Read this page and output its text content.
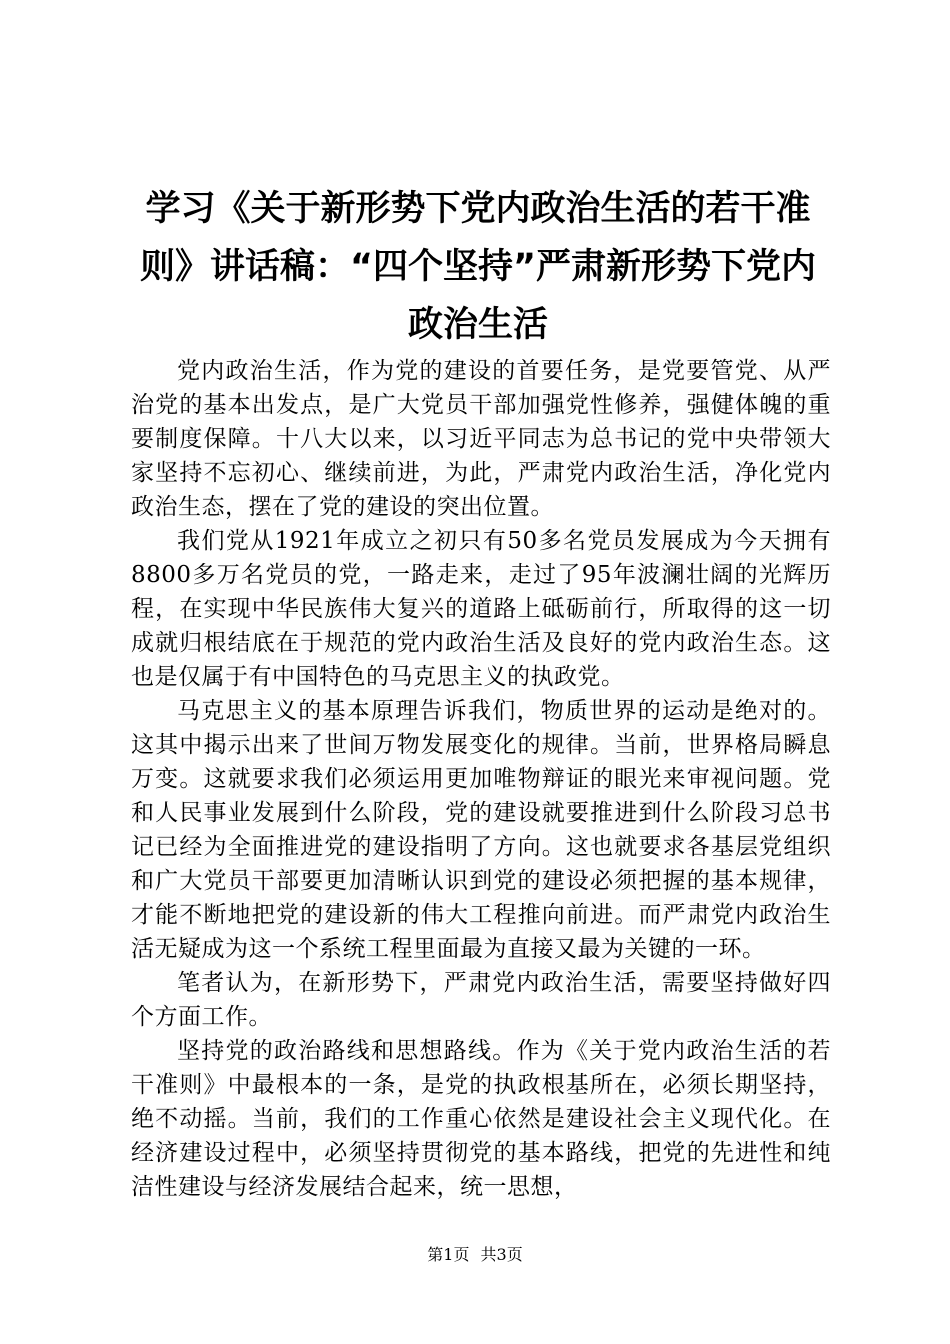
学习《关于新形势下党内政治生活的若干准
则》讲话稿：“四个坚持”严肃新形势下党内
政治生活

党内政治生活，作为党的建设的首要任务，是党要管党、从严治党的基本出发点，是广大党员干部加强党性修养，强健体魄的重要制度保障。十八大以来，以习近平同志为总书记的党中央带领大家坚持不忘初心、继续前进，为此，严肃党内政治生活，净化党内政治生态，摆在了党的建设的突出位置。

我们党从1921年成立之初只有50多名党员发展成为今天拥有8800多万名党员的党，一路走来，走过了95年波澜壮阔的光辉历程，在实现中华民族伟大复兴的道路上砥砺前行，所取得的这一切成就归根结底在于规范的党内政治生活及良好的党内政治生态。这也是仅属于有中国特色的马克思主义的执政党。

马克思主义的基本原理告诉我们，物质世界的运动是绝对的。这其中揭示出来了世间万物发展变化的规律。当前，世界格局瞬息万变。这就要求我们必须运用更加唯物辩证的眼光来审视问题。党和人民事业发展到什么阶段，党的建设就要推进到什么阶段习总书记已经为全面推进党的建设指明了方向。这也就要求各基层党组织和广大党员干部要更加清晰认识到党的建设必须把握的基本规律，才能不断地把党的建设新的伟大工程推向前进。而严肃党内政治生活无疑成为这一个系统工程里面最为直接又最为关键的一环。

笔者认为，在新形势下，严肃党内政治生活，需要坚持做好四个方面工作。

坚持党的政治路线和思想路线。作为《关于党内政治生活的若干准则》中最根本的一条，是党的执政根基所在，必须长期坚持，绝不动摇。当前，我们的工作重心依然是建设社会主义现代化。在经济建设过程中，必须坚持贯彻党的基本路线，把党的先进性和纯洁性建设与经济发展结合起来，统一思想，

第1页 共3页
